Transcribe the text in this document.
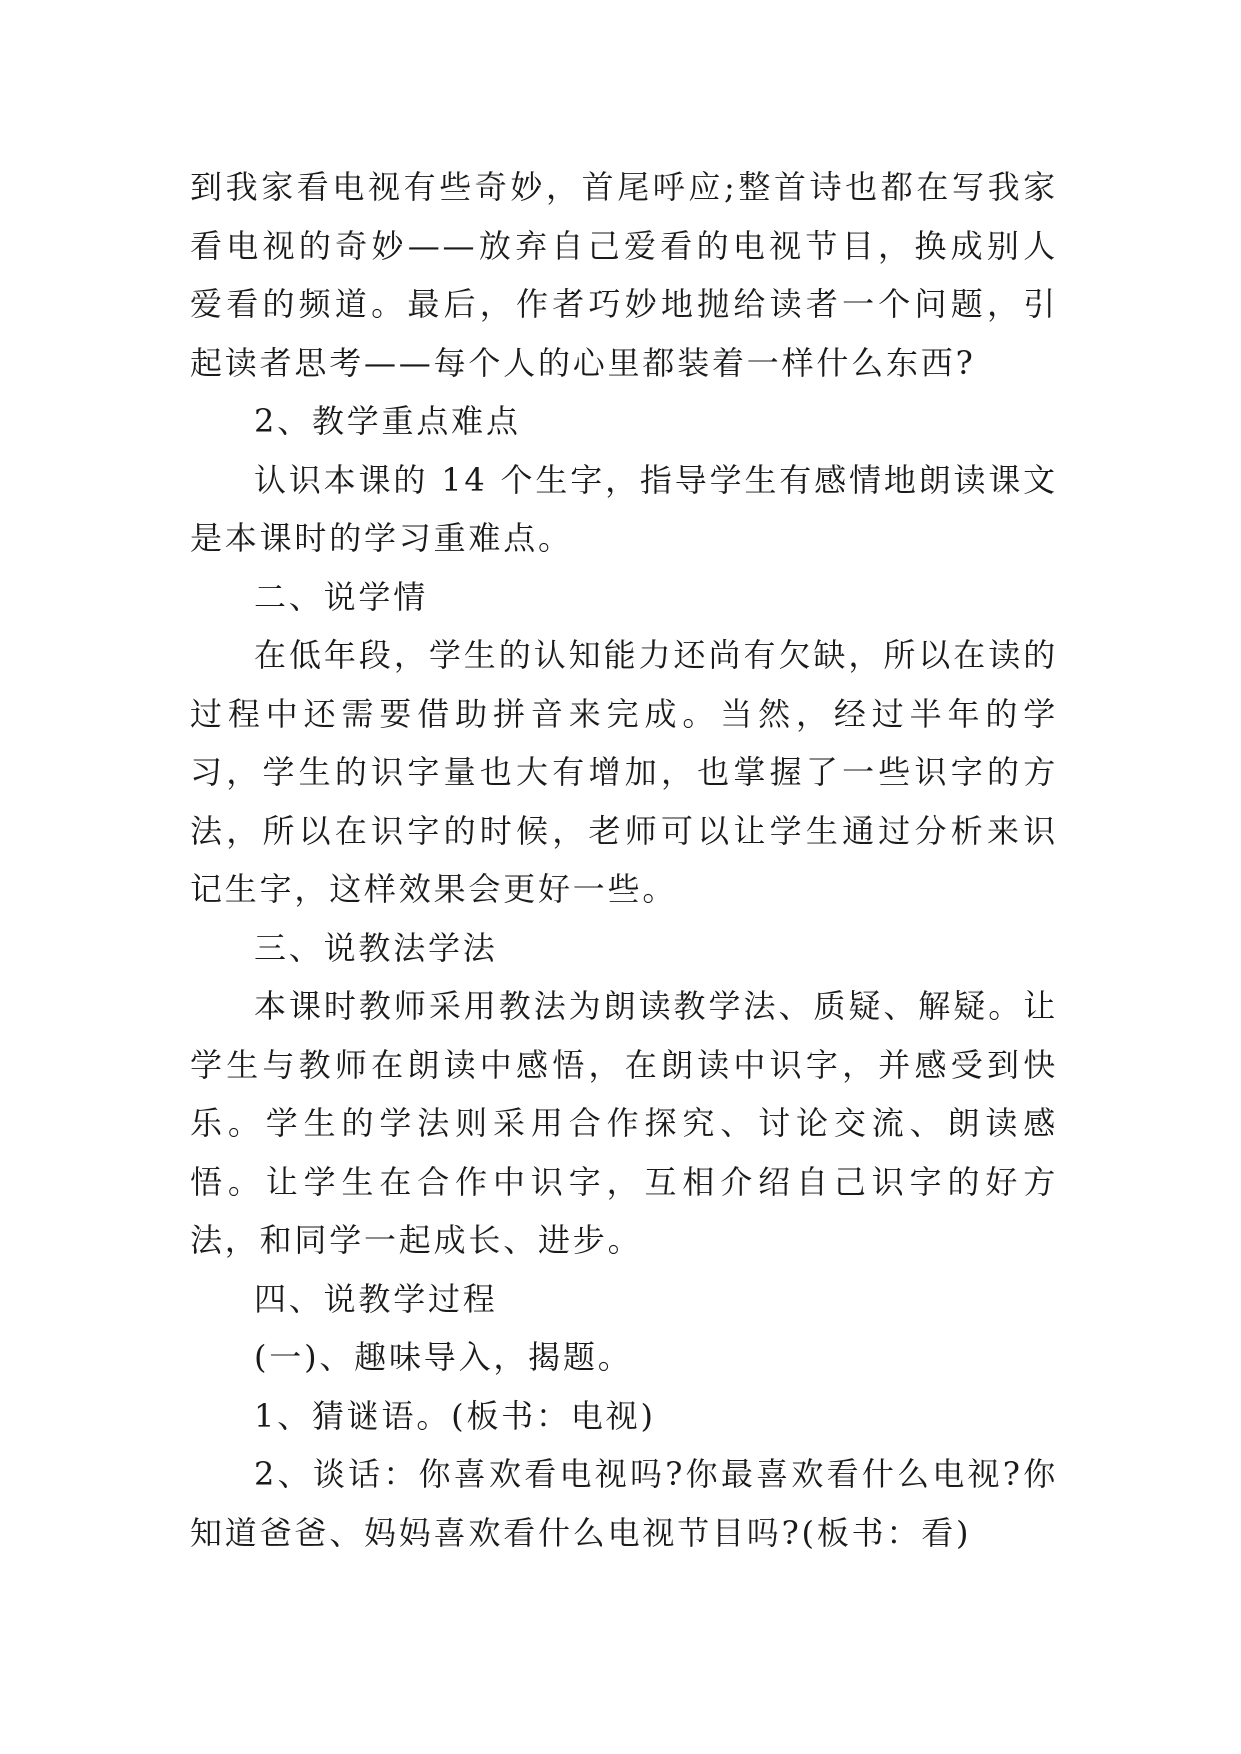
到我家看电视有些奇妙，首尾呼应;整首诗也都在写我家看电视的奇妙——放弃自己爱看的电视节目，换成别人爱看的频道。最后，作者巧妙地抛给读者一个问题，引起读者思考——每个人的心里都装着一样什么东西?

2、教学重点难点

认识本课的 14 个生字，指导学生有感情地朗读课文是本课时的学习重难点。

二、说学情

在低年段，学生的认知能力还尚有欠缺，所以在读的过程中还需要借助拼音来完成。当然，经过半年的学习，学生的识字量也大有增加，也掌握了一些识字的方法，所以在识字的时候，老师可以让学生通过分析来识记生字，这样效果会更好一些。

三、说教法学法

本课时教师采用教法为朗读教学法、质疑、解疑。让学生与教师在朗读中感悟，在朗读中识字，并感受到快乐。学生的学法则采用合作探究、讨论交流、朗读感悟。让学生在合作中识字，互相介绍自己识字的好方法，和同学一起成长、进步。

四、说教学过程

(一)、趣味导入，揭题。

1、猜谜语。(板书：电视)

2、谈话：你喜欢看电视吗?你最喜欢看什么电视?你知道爸爸、妈妈喜欢看什么电视节目吗?(板书：看)
